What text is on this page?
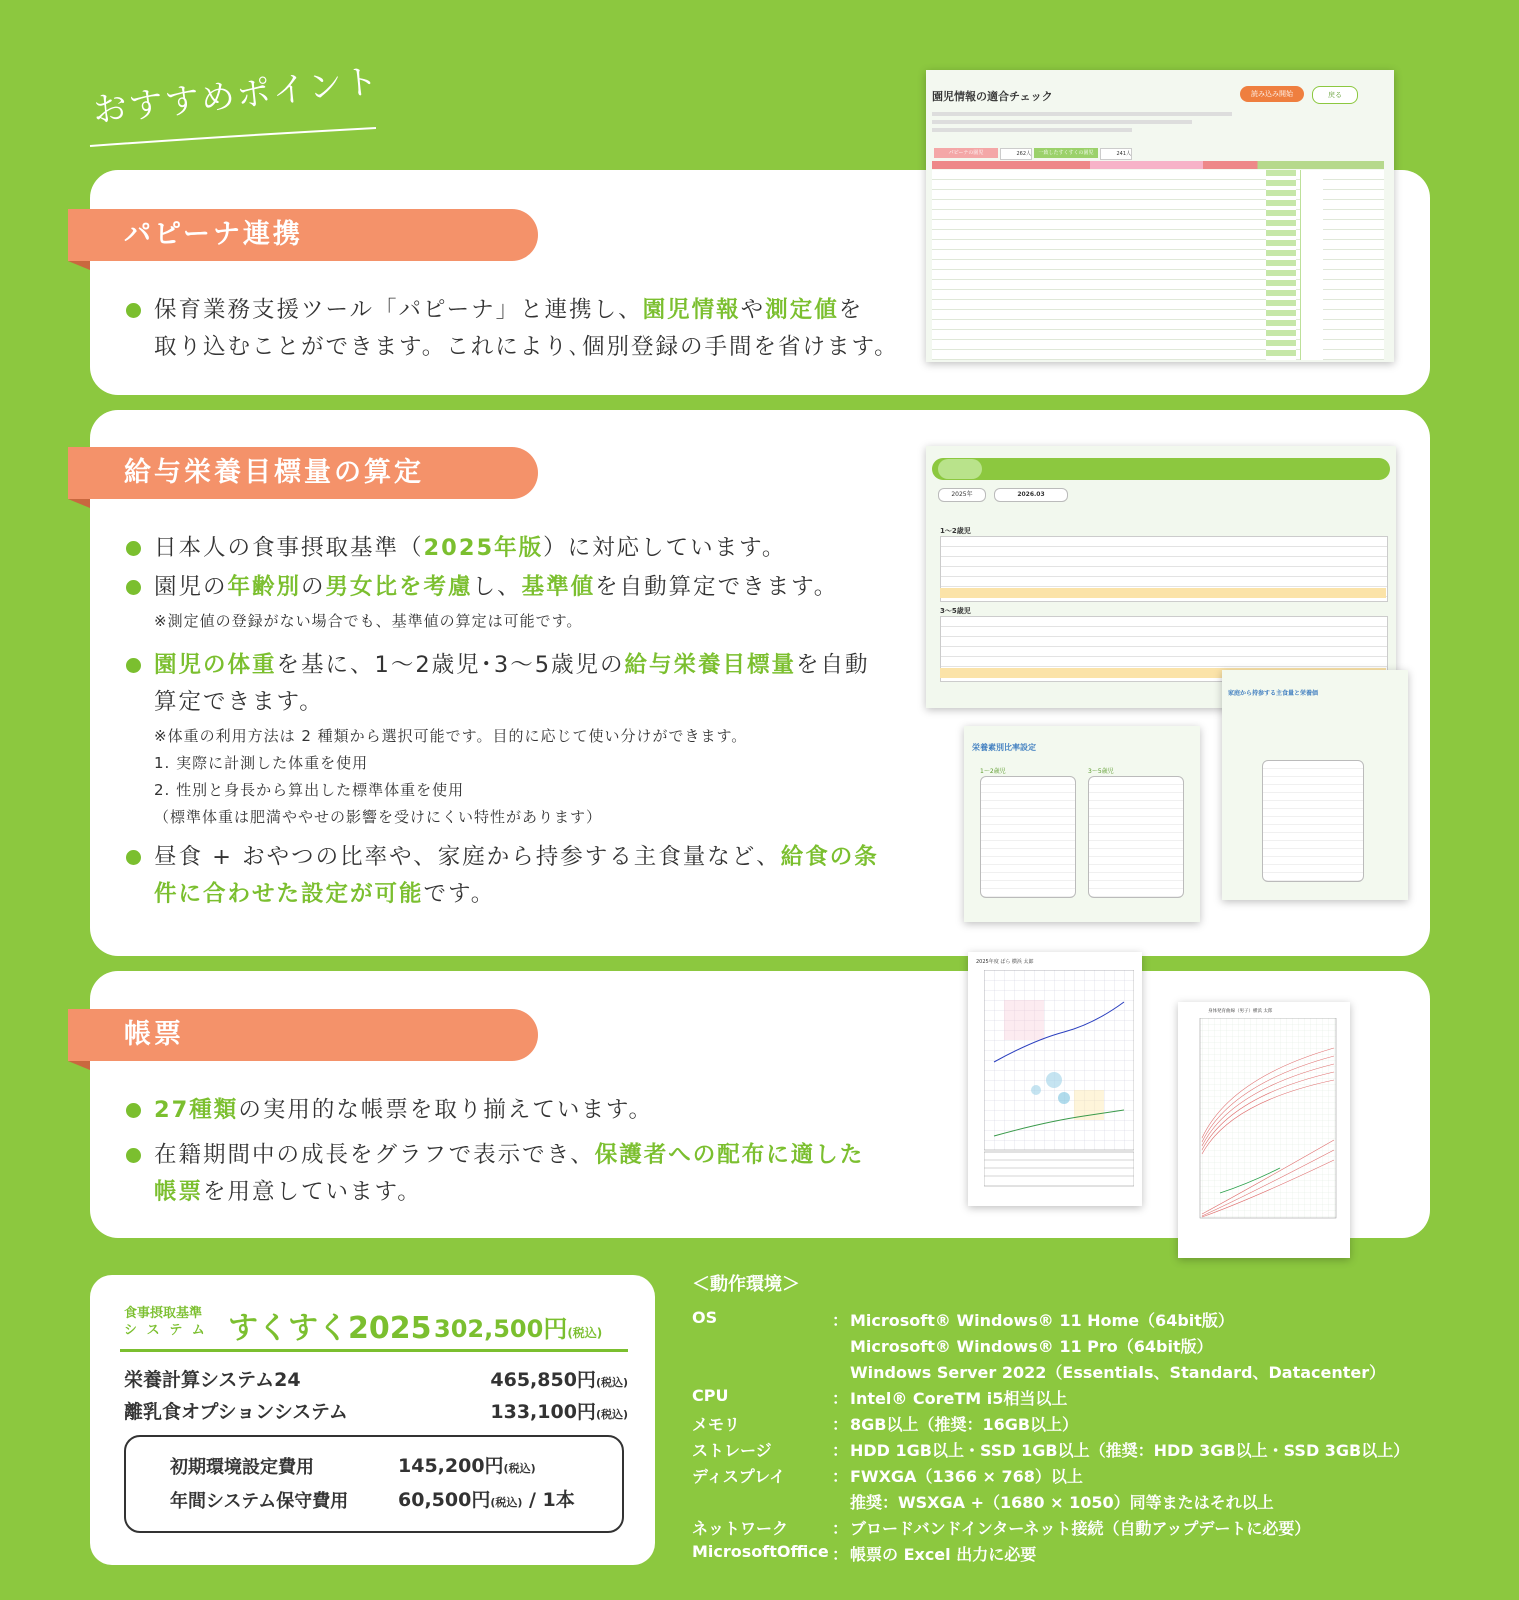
おすすめポイント
パピーナ連携
保育業務支援ツール「パピーナ」と連携し、園児情報や測定値を
取り込むことができます。これにより､個別登録の手間を省けます。
園児情報の適合チェック	読み込み開始	戻る
パピーナの園児	262人	一致したすくすくの園児	241人
給与栄養目標量の算定
日本人の食事摂取基準（2025年版）に対応しています。
園児の年齢別の男女比を考慮し、基準値を自動算定できます。
※測定値の登録がない場合でも、基準値の算定は可能です。
園児の体重を基に、1〜2歳児･3〜5歳児の給与栄養目標量を自動
算定できます。
※体重の利用方法は 2 種類から選択可能です。目的に応じて使い分けができます。
1. 実際に計測した体重を使用
2. 性別と身長から算出した標準体重を使用
（標準体重は肥満ややせの影響を受けにくい特性があります）
昼食 + おやつの比率や、家庭から持参する主食量など、給食の条
件に合わせた設定が可能です。
2025年	2026.03
1〜2歳児
3〜5歳児
栄養素別比率設定
1〜2歳児	3〜5歳児
家庭から持参する主食量と栄養価
帳票
27種類の実用的な帳票を取り揃えています。
在籍期間中の成長をグラフで表示でき、保護者への配布に適した
帳票を用意しています。
2025年度 ばら 横浜 太郎
身体発育曲線（男子）横浜 太郎
食事摂取基準
システム すくすく2025 302,500円(税込)
栄養計算システム24	465,850円(税込)
離乳食オプションシステム	133,100円(税込)
初期環境設定費用	145,200円(税込)
年間システム保守費用	60,500円(税込) / 1本
＜動作環境＞
OS	： Microsoft® Windows® 11 Home（64bit版）
Microsoft® Windows® 11 Pro（64bit版）
Windows Server 2022（Essentials、Standard、Datacenter）
CPU	： Intel® CoreTM i5相当以上
メモリ	： 8GB以上（推奨：16GB以上）
ストレージ	： HDD 1GB以上・SSD 1GB以上（推奨：HDD 3GB以上・SSD 3GB以上）
ディスプレイ	： FWXGA（1366 × 768）以上
推奨：WSXGA +（1680 × 1050）同等またはそれ以上
ネットワーク	： ブロードバンドインターネット接続（自動アップデートに必要）
MicrosoftOffice ： 帳票の Excel 出力に必要
